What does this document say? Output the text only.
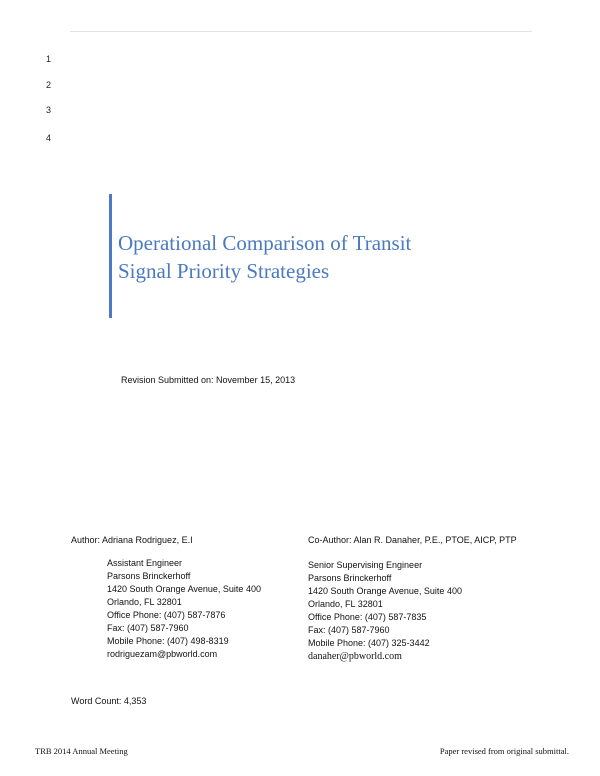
1
2
3
4
Operational Comparison of Transit
Signal Priority Strategies
Revision Submitted on: November 15, 2013
Author: Adriana Rodriguez, E.I
Assistant Engineer
Parsons Brinckerhoff
1420 South Orange Avenue, Suite 400
Orlando, FL 32801
Office Phone: (407) 587-7876
Fax: (407) 587-7960
Mobile Phone: (407) 498-8319
rodriguezam@pbworld.com
Co-Author: Alan R. Danaher, P.E., PTOE, AICP, PTP
Senior Supervising Engineer
Parsons Brinckerhoff
1420 South Orange Avenue, Suite 400
Orlando, FL 32801
Office Phone: (407) 587-7835
Fax: (407) 587-7960
Mobile Phone: (407) 325-3442
danaher@pbworld.com
Word Count: 4,353
TRB 2014 Annual Meeting	Paper revised from original submittal.
